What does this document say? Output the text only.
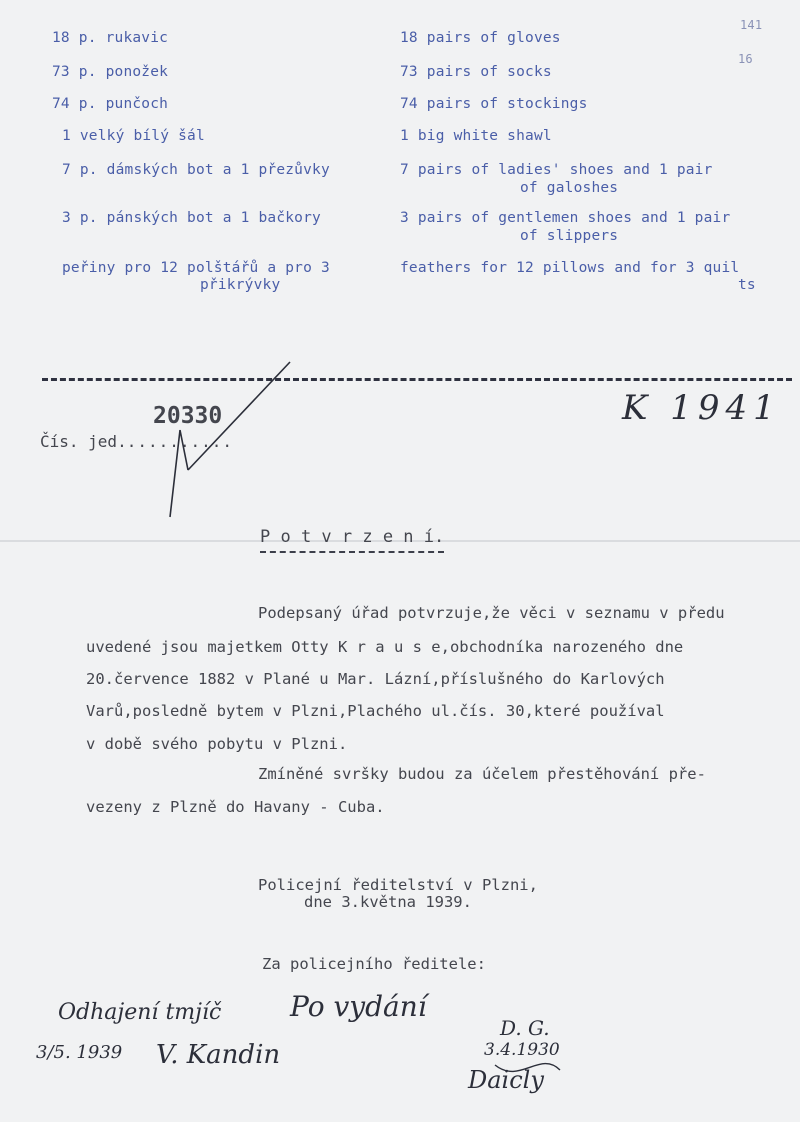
141
16
18 p. rukavic	18 pairs of gloves
73 p. ponožek	73 pairs of socks
74 p. punčoch	74 pairs of stockings
1 velký bílý šál	1 big white shawl
7 p. dámských bot a 1 přezůvky	7 pairs of ladies' shoes and 1 pair
of galoshes
3 p. pánských bot a 1 bačkory	3 pairs of gentlemen shoes and 1 pair
of slippers
peřiny pro 12 polštářů a pro 3	feathers for 12 pillows and for 3 quil
přikrývky	ts
20330
Čís. jed...........
K 1941
P o t v r z e n í.
Podepsaný úřad potvrzuje,že věci v seznamu v předu
uvedené jsou majetkem Otty K r a u s e,obchodníka narozeného dne
20.července 1882 v Plané u Mar. Lázní,příslušného do Karlových
Varů,posledně bytem v Plzni,Plachého ul.čís. 30,které používal
v době svého pobytu v Plzni.
Zmíněné svršky budou za účelem přestěhování pře-
vezeny z Plzně do Havany - Cuba.
Policejní ředitelství v Plzni,
dne 3.května 1939.
Za policejního ředitele:
Po vydání
Odhajení tmjíč
3/5. 1939 V. Kandin
D. G.
3.4.1930
Daicly
